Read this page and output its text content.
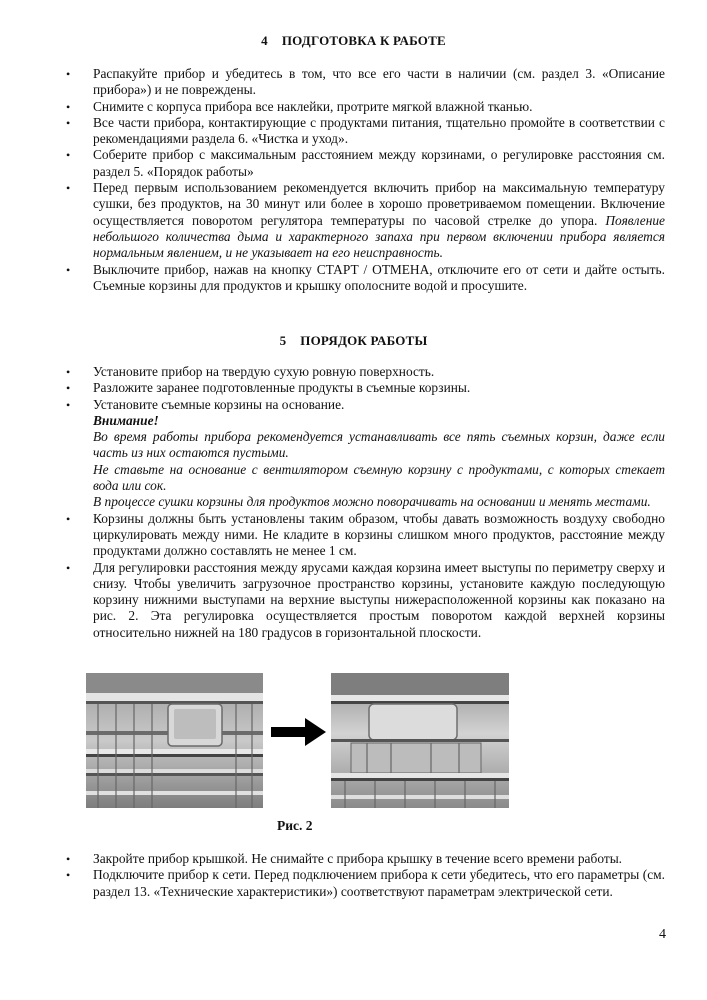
4 ПОДГОТОВКА К РАБОТЕ
• Распакуйте прибор и убедитесь в том, что все его части в наличии (см. раздел 3. «Описание прибора») и не повреждены.
• Снимите с корпуса прибора все наклейки, протрите мягкой влажной тканью.
• Все части прибора, контактирующие с продуктами питания, тщательно промойте в соответствии с рекомендациями раздела 6. «Чистка и уход».
• Соберите прибор с максимальным расстоянием между корзинами, о регулировке расстояния см. раздел 5. «Порядок работы»
• Перед первым использованием рекомендуется включить прибор на максимальную температуру сушки, без продуктов, на 30 минут или более в хорошо проветриваемом помещении. Включение осуществляется поворотом регулятора температуры по часовой стрелке до упора. Появление небольшого количества дыма и характерного запаха при первом включении прибора является нормальным явлением, и не указывает на его неисправность.
• Выключите прибор, нажав на кнопку СТАРТ / ОТМЕНА, отключите его от сети и дайте остыть. Съемные корзины для продуктов и крышку ополосните водой и просушите.
5 ПОРЯДОК РАБОТЫ
• Установите прибор на твердую сухую ровную поверхность.
• Разложите заранее подготовленные продукты в съемные корзины.
• Установите съемные корзины на основание.
Внимание!
Во время работы прибора рекомендуется устанавливать все пять съемных корзин, даже если часть из них остаются пустыми.
Не ставьте на основание с вентилятором съемную корзину с продуктами, с которых стекает вода или сок.
В процессе сушки корзины для продуктов можно поворачивать на основании и менять местами.
• Корзины должны быть установлены таким образом, чтобы давать возможность воздуху свободно циркулировать между ними. Не кладите в корзины слишком много продуктов, расстояние между продуктами должно составлять не менее 1 см.
• Для регулировки расстояния между ярусами каждая корзина имеет выступы по периметру сверху и снизу. Чтобы увеличить загрузочное пространство корзины, установите каждую последующую корзину нижними выступами на верхние выступы нижерасположенной корзины как показано на рис. 2. Эта регулировка осуществляется простым поворотом каждой верхней корзины относительно нижней на 180 градусов в горизонтальной плоскости.
Рис. 2
• Закройте прибор крышкой. Не снимайте с прибора крышку в течение всего времени работы.
• Подключите прибор к сети. Перед подключением прибора к сети убедитесь, что его параметры (см. раздел 13. «Технические характеристики») соответствуют параметрам электрической сети.
4
